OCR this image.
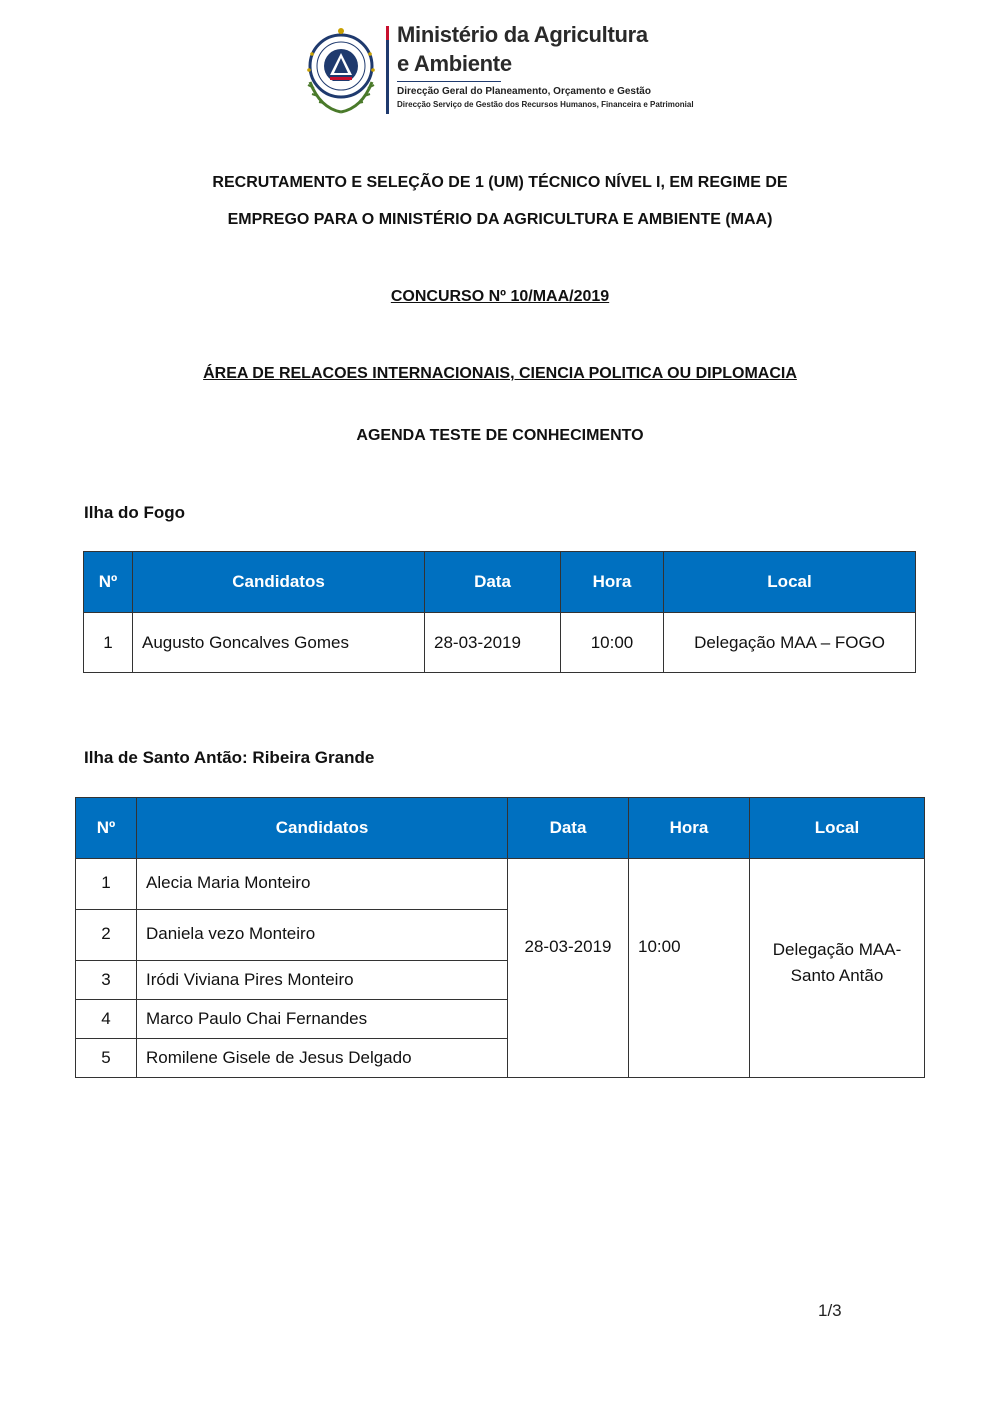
Ministério da Agricultura
e Ambiente
Direcção Geral do Planeamento, Orçamento e Gestão
Direcção Serviço de Gestão dos Recursos Humanos, Financeira e Patrimonial
RECRUTAMENTO E SELEÇÃO DE 1 (UM) TÉCNICO NÍVEL I, EM REGIME DE
EMPREGO PARA O MINISTÉRIO DA AGRICULTURA E AMBIENTE (MAA)
CONCURSO Nº 10/MAA/2019
ÁREA DE RELACOES INTERNACIONAIS, CIENCIA POLITICA OU DIPLOMACIA
AGENDA TESTE DE CONHECIMENTO
Ilha do Fogo
Nº	Candidatos	Data	Hora	Local
1	Augusto Goncalves Gomes	28-03-2019	10:00	Delegação MAA – FOGO
Ilha de Santo Antão: Ribeira Grande
Nº	Candidatos	Data	Hora	Local
1	Alecia Maria Monteiro	28-03-2019	10:00	Delegação MAA-
Santo Antão

2	Daniela vezo Monteiro			
3	Iródi Viviana Pires Monteiro			
4	Marco Paulo Chai Fernandes			
5	Romilene Gisele de Jesus Delgado			
1/3
